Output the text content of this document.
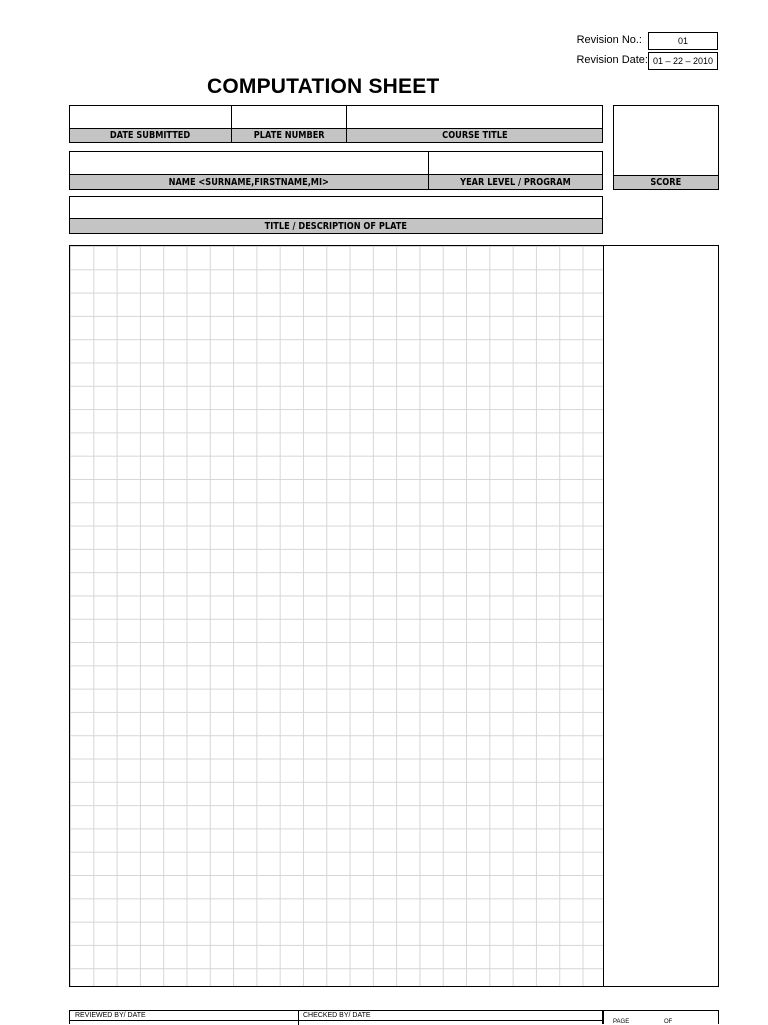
Revision No.:	01
Revision Date: 01 – 22 – 2010
COMPUTATION SHEET
DATE SUBMITTED	PLATE NUMBER	COURSE TITLE
SCORE
NAME <SURNAME,FIRSTNAME,MI>	YEAR LEVEL / PROGRAM
TITLE / DESCRIPTION OF PLATE
REVIEWED BY/ DATE	CHECKED BY/ DATE
PAGE	OF
